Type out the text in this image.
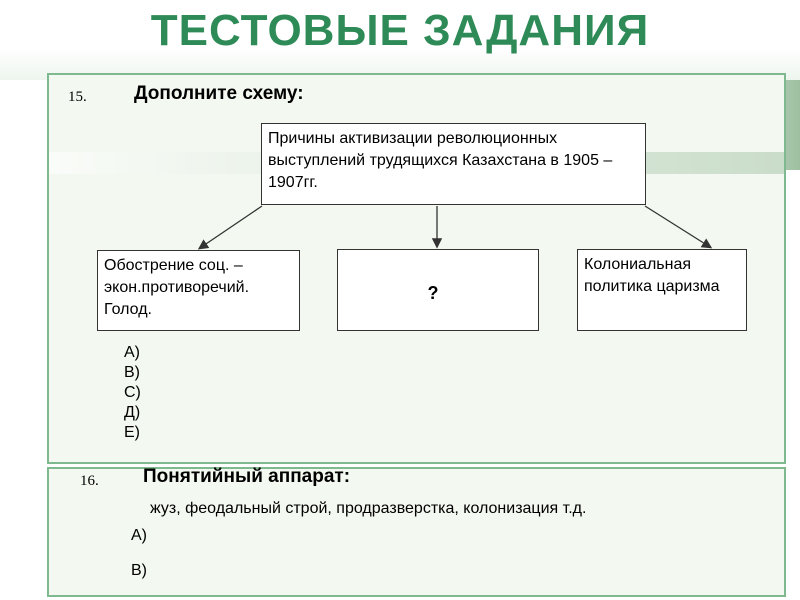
ТЕСТОВЫЕ ЗАДАНИЯ
15. Дополните схему:
Причины активизации революционных выступлений трудящихся Казахстана в 1905 – 1907гг.
Обострение соц. – экон.противоречий. Голод.
?
Колониальная политика царизма
А)
В)
С)
Д)
Е)
16. Понятийный аппарат:
жуз, феодальный строй, продразверстка, колонизация т.д.
А)
В)
